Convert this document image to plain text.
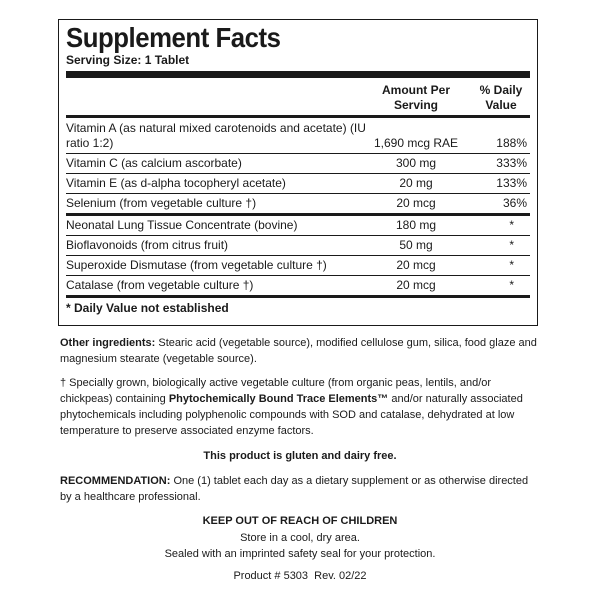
Supplement Facts
Serving Size: 1 Tablet
Amount Per Serving
% Daily Value
Vitamin A (as natural mixed carotenoids and acetate) (IU ratio 1:2)	1,690 mcg RAE	188%
Vitamin C (as calcium ascorbate)	300 mg	333%
Vitamin E (as d-alpha tocopheryl acetate)	20 mg	133%
Selenium (from vegetable culture †)	20 mcg	36%
Neonatal Lung Tissue Concentrate (bovine)	180 mg	*
Bioflavonoids (from citrus fruit)	50 mg	*
Superoxide Dismutase (from vegetable culture †)	20 mcg	*
Catalase (from vegetable culture †)	20 mcg	*
* Daily Value not established
Other ingredients: Stearic acid (vegetable source), modified cellulose gum, silica, food glaze and magnesium stearate (vegetable source).
† Specially grown, biologically active vegetable culture (from organic peas, lentils, and/or chickpeas) containing Phytochemically Bound Trace Elements™ and/or naturally associated phytochemicals including polyphenolic compounds with SOD and catalase, dehydrated at low temperature to preserve associated enzyme factors.
This product is gluten and dairy free.
RECOMMENDATION: One (1) tablet each day as a dietary supplement or as otherwise directed by a healthcare professional.
KEEP OUT OF REACH OF CHILDREN
Store in a cool, dry area.
Sealed with an imprinted safety seal for your protection.
Product # 5303  Rev. 02/22
